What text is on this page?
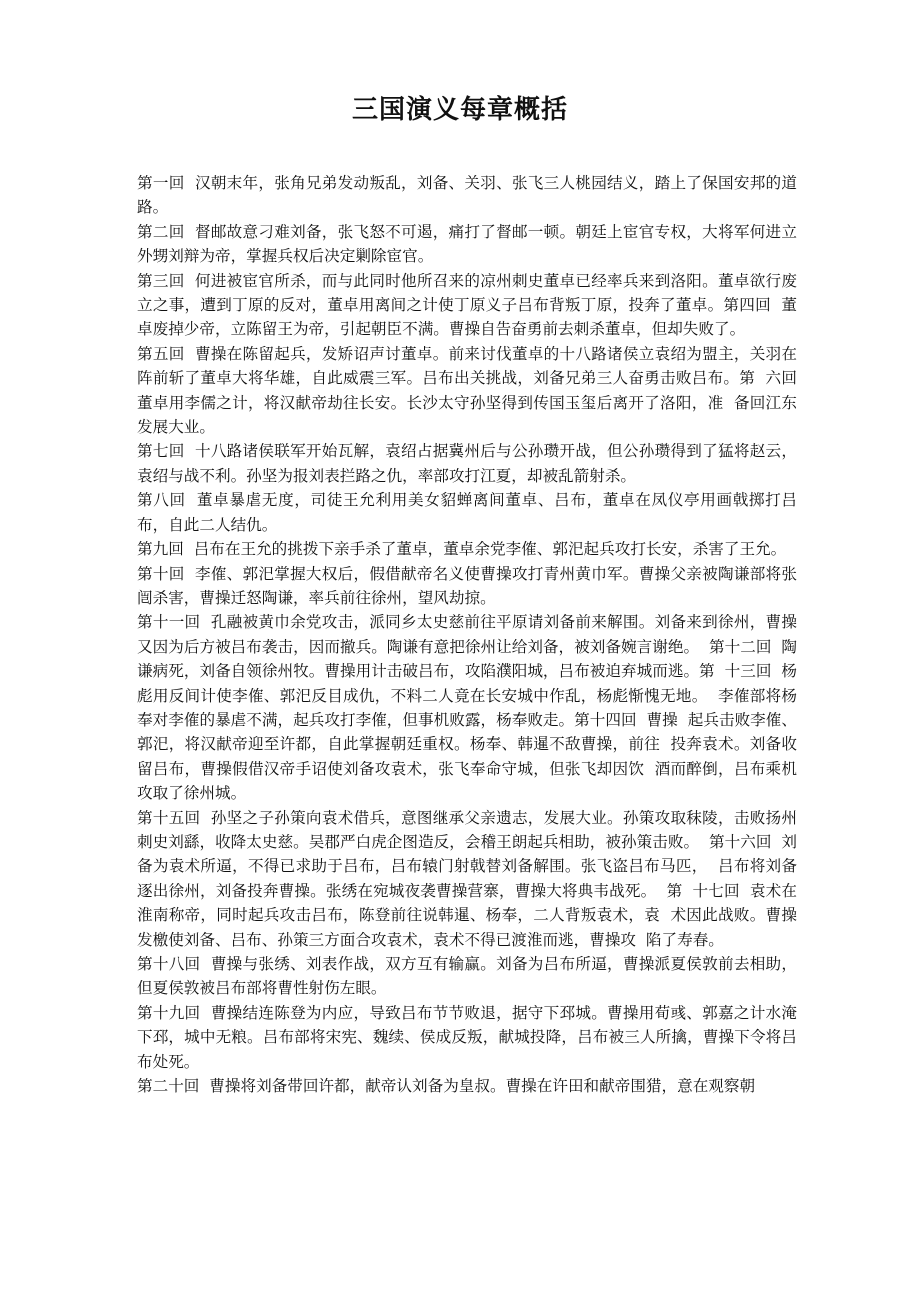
三国演义每章概括

第一回  汉朝末年，张角兄弟发动叛乱，刘备、关羽、张飞三人桃园结义，踏上了保国安邦的道路。

第二回  督邮故意刁难刘备，张飞怒不可遏，痛打了督邮一顿。朝廷上宦官专权，大将军何进立外甥刘辩为帝，掌握兵权后决定剿除宦官。

第三回  何进被宦官所杀，而与此同时他所召来的凉州刺史董卓已经率兵来到洛阳。董卓欲行废立之事，遭到丁原的反对，董卓用离间之计使丁原义子吕布背叛丁原，投奔了董卓。第四回  董卓废掉少帝，立陈留王为帝，引起朝臣不满。曹操自告奋勇前去刺杀董卓，但却失败了。

第五回  曹操在陈留起兵，发矫诏声讨董卓。前来讨伐董卓的十八路诸侯立袁绍为盟主，关羽在阵前斩了董卓大将华雄，自此威震三军。吕布出关挑战，刘备兄弟三人奋勇击败吕布。第  六回  董卓用李儒之计，将汉献帝劫往长安。长沙太守孙坚得到传国玉玺后离开了洛阳，准  备回江东发展大业。

第七回  十八路诸侯联军开始瓦解，袁绍占据冀州后与公孙瓒开战，但公孙瓒得到了猛将赵云，袁绍与战不利。孙坚为报刘表拦路之仇，率部攻打江夏，却被乱箭射杀。

第八回  董卓暴虐无度，司徒王允利用美女貂蝉离间董卓、吕布，董卓在凤仪亭用画戟掷打吕布，自此二人结仇。

第九回  吕布在王允的挑拨下亲手杀了董卓，董卓余党李傕、郭汜起兵攻打长安，杀害了王允。

第十回  李傕、郭汜掌握大权后，假借献帝名义使曹操攻打青州黄巾军。曹操父亲被陶谦部将张闿杀害，曹操迁怒陶谦，率兵前往徐州，望风劫掠。

第十一回  孔融被黄巾余党攻击，派同乡太史慈前往平原请刘备前来解围。刘备来到徐州，曹操又因为后方被吕布袭击，因而撤兵。陶谦有意把徐州让给刘备，被刘备婉言谢绝。  第十二回  陶谦病死，刘备自领徐州牧。曹操用计击破吕布，攻陷濮阳城，吕布被迫弃城而逃。第  十三回  杨彪用反间计使李傕、郭汜反目成仇，不料二人竟在长安城中作乱，杨彪惭愧无地。  李傕部将杨奉对李傕的暴虐不满，起兵攻打李傕，但事机败露，杨奉败走。第十四回  曹操  起兵击败李傕、郭汜，将汉献帝迎至许都，自此掌握朝廷重权。杨奉、韩暹不敌曹操，前往  投奔袁术。刘备收留吕布，曹操假借汉帝手诏使刘备攻袁术，张飞奉命守城，但张飞却因饮  酒而醉倒，吕布乘机攻取了徐州城。

第十五回  孙坚之子孙策向袁术借兵，意图继承父亲遗志，发展大业。孙策攻取秣陵，击败扬州刺史刘繇，收降太史慈。吴郡严白虎企图造反，会稽王朗起兵相助，被孙策击败。  第十六回  刘备为袁术所逼，不得已求助于吕布，吕布辕门射戟替刘备解围。张飞盗吕布马匹，  吕布将刘备逐出徐州，刘备投奔曹操。张绣在宛城夜袭曹操营寨，曹操大将典韦战死。  第  十七回  袁术在淮南称帝，同时起兵攻击吕布，陈登前往说韩暹、杨奉，二人背叛袁术，袁  术因此战败。曹操发檄使刘备、吕布、孙策三方面合攻袁术，袁术不得已渡淮而逃，曹操攻  陷了寿春。

第十八回  曹操与张绣、刘表作战，双方互有输赢。刘备为吕布所逼，曹操派夏侯敦前去相助，但夏侯敦被吕布部将曹性射伤左眼。

第十九回  曹操结连陈登为内应，导致吕布节节败退，据守下邳城。曹操用荀彧、郭嘉之计水淹下邳，城中无粮。吕布部将宋宪、魏续、侯成反叛，献城投降，吕布被三人所擒，曹操下令将吕布处死。

第二十回  曹操将刘备带回许都，献帝认刘备为皇叔。曹操在许田和献帝围猎，意在观察朝
